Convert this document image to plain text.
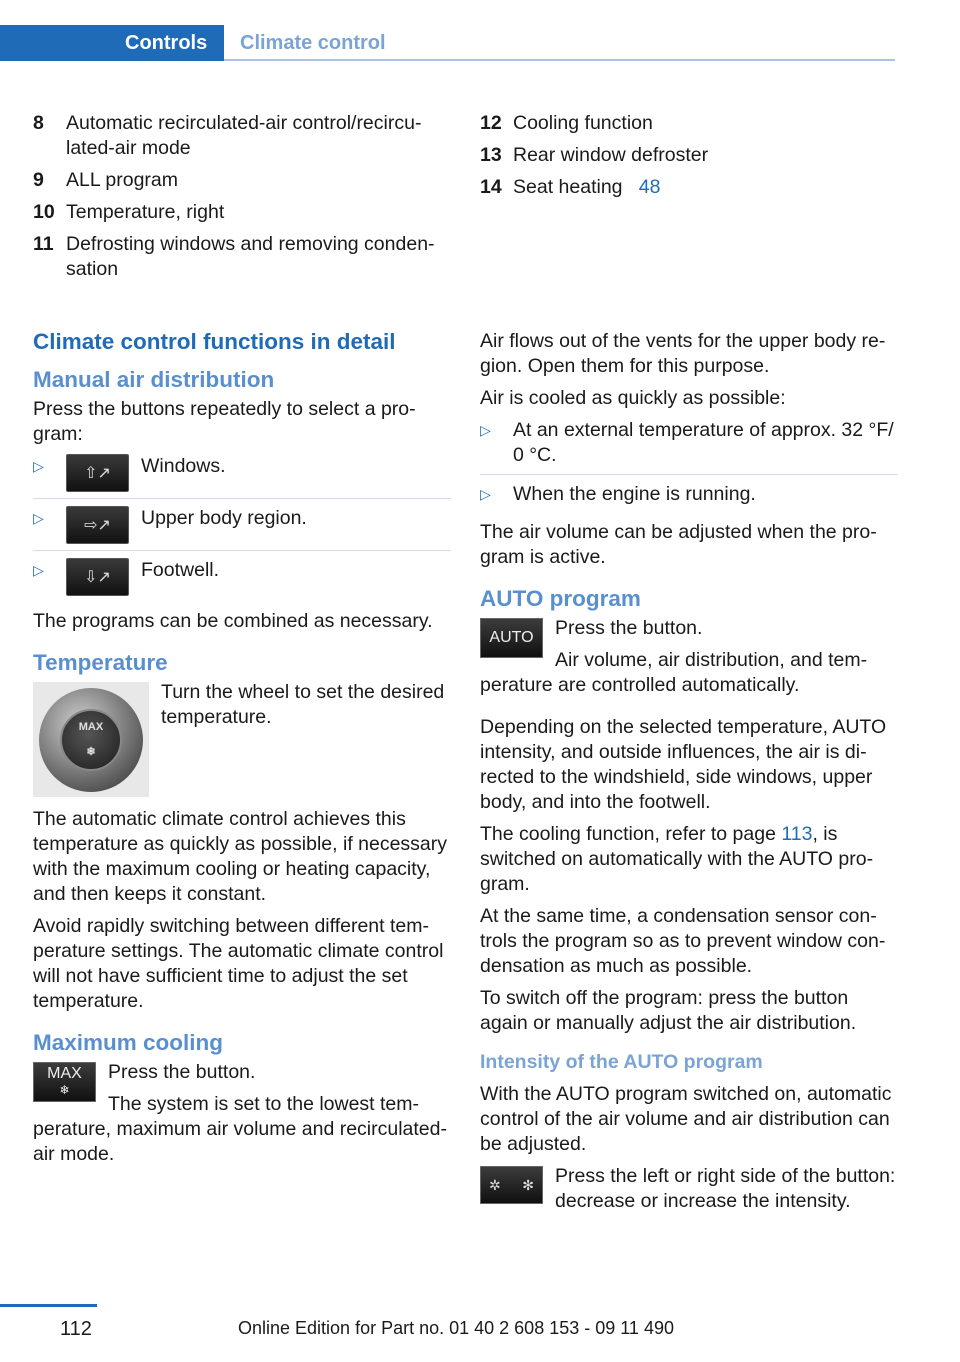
Controls	Climate control
8	Automatic recirculated-air control/recirculated-air mode
9	ALL program
10 Temperature, right
11 Defrosting windows and removing condensation
12 Cooling function
13 Rear window defroster
14 Seat heating 48
Climate control functions in detail
Manual air distribution

Press the buttons repeatedly to select a program:

▷	⇧↗	Windows.
▷	⇨↗	Upper body region.
▷	⇩↗	Footwell.

The programs can be combined as necessary.

Temperature
MAX
❄

Turn the wheel to set the desired temperature.

The automatic climate control achieves this temperature as quickly as possible, if necessary with the maximum cooling or heating capacity, and then keeps it constant.

Avoid rapidly switching between different temperature settings. The automatic climate control will not have sufficient time to adjust the set temperature.

Maximum cooling
MAX
❄

Press the button.

The system is set to the lowest temperature, maximum air volume and recirculated-air mode.

Air flows out of the vents for the upper body region. Open them for this purpose.

Air is cooled as quickly as possible:

▷	At an external temperature of approx. 32 °F/ 0 °C.
▷	When the engine is running.

The air volume can be adjusted when the program is active.

AUTO program
AUTO	Press the button.

Air volume, air distribution, and temperature are controlled automatically.

Depending on the selected temperature, AUTO intensity, and outside influences, the air is directed to the windshield, side windows, upper body, and into the footwell.

The cooling function, refer to page 113, is switched on automatically with the AUTO program.

At the same time, a condensation sensor controls the program so as to prevent window condensation as much as possible.

To switch off the program: press the button again or manually adjust the air distribution.

Intensity of the AUTO program

With the AUTO program switched on, automatic control of the air volume and air distribution can be adjusted.

✲ ✻	Press the left or right side of the button: decrease or increase the intensity.

112	Online Edition for Part no. 01 40 2 608 153 - 09 11 490
